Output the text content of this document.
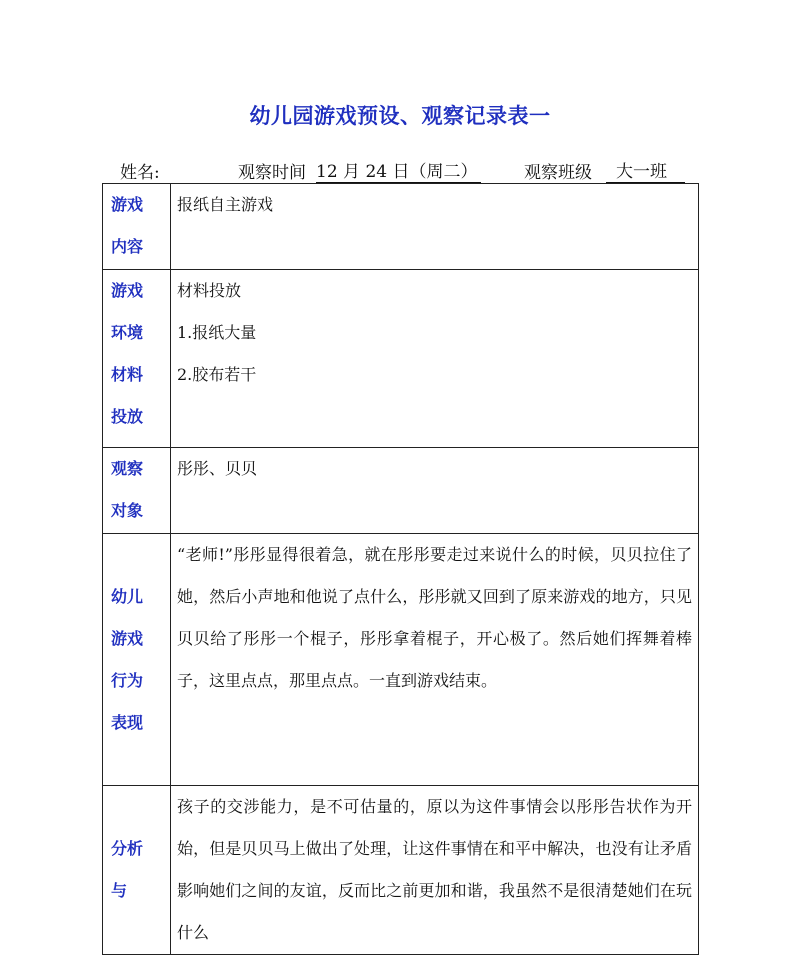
幼儿园游戏预设、观察记录表一
姓名:	观察时间 12 月 24 日（周二）	观察班级	大一班
游戏
内容	报纸自主游戏

游戏
环境
材料
投放	材料投放
1.报纸大量
2.胶布若干

观察
对象	彤彤、贝贝

幼儿
游戏
行为
表现	“老师!”彤彤显得很着急，就在彤彤要走过来说什么的时候，贝贝拉住了她，然后小声地和他说了点什么，彤彤就又回到了原来游戏的地方，只见贝贝给了彤彤一个棍子，彤彤拿着棍子，开心极了。然后她们挥舞着棒子，这里点点，那里点点。一直到游戏结束。

分析
与	孩子的交涉能力，是不可估量的，原以为这件事情会以彤彤告状作为开始，但是贝贝马上做出了处理，让这件事情在和平中解决，也没有让矛盾影响她们之间的友谊，反而比之前更加和谐，我虽然不是很清楚她们在玩什么
